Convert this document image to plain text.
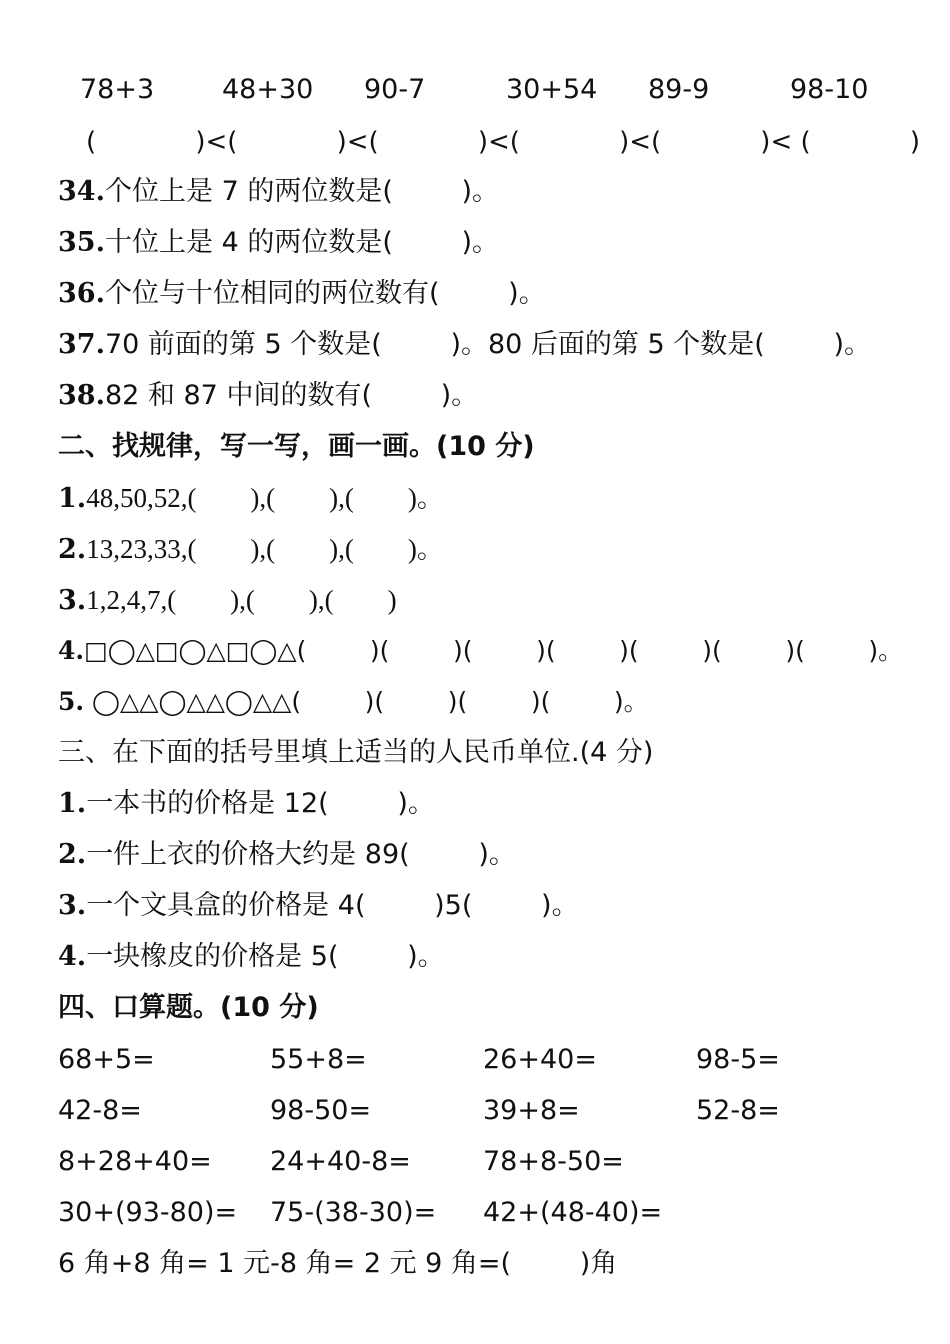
78+3	48+30 90-7	30+54 89-9	98-10
(            )<(            )<(            )<(            )<(            )< (            )
34.个位上是 7 的两位数是(        )。
35.十位上是 4 的两位数是(        )。
36.个位与十位相同的两位数有(        )。
37.70 前面的第 5 个数是(        )。80 后面的第 5 个数是(        )。
38.82 和 87 中间的数有(        )。
二、找规律，写一写，画一画。(10 分)
1.48,50,52,(        ),(        ),(        )。
2.13,23,33,(        ),(        ),(        )。
3.1,2,4,7,(        ),(        ),(        )
4.□◯△□◯△□◯△(        )(        )(        )(        )(        )(        )(        )。
5. ◯△△◯△△◯△△(        )(        )(        )(        )。
三、在下面的括号里填上适当的人民币单位.(4 分)
1.一本书的价格是 12(        )。
2.一件上衣的价格大约是 89(        )。
3.一个文具盒的价格是 4(        )5(        )。
4.一块橡皮的价格是 5(        )。
四、口算题。(10 分)
68+5=	55+8=	26+40=	98-5=
42-8=	98-50=	39+8=	52-8=
8+28+40= 24+40-8=	78+8-50=
30+(93-80)= 75-(38-30)= 42+(48-40)=
6 角+8 角= 1 元-8 角= 2 元 9 角=(        )角
